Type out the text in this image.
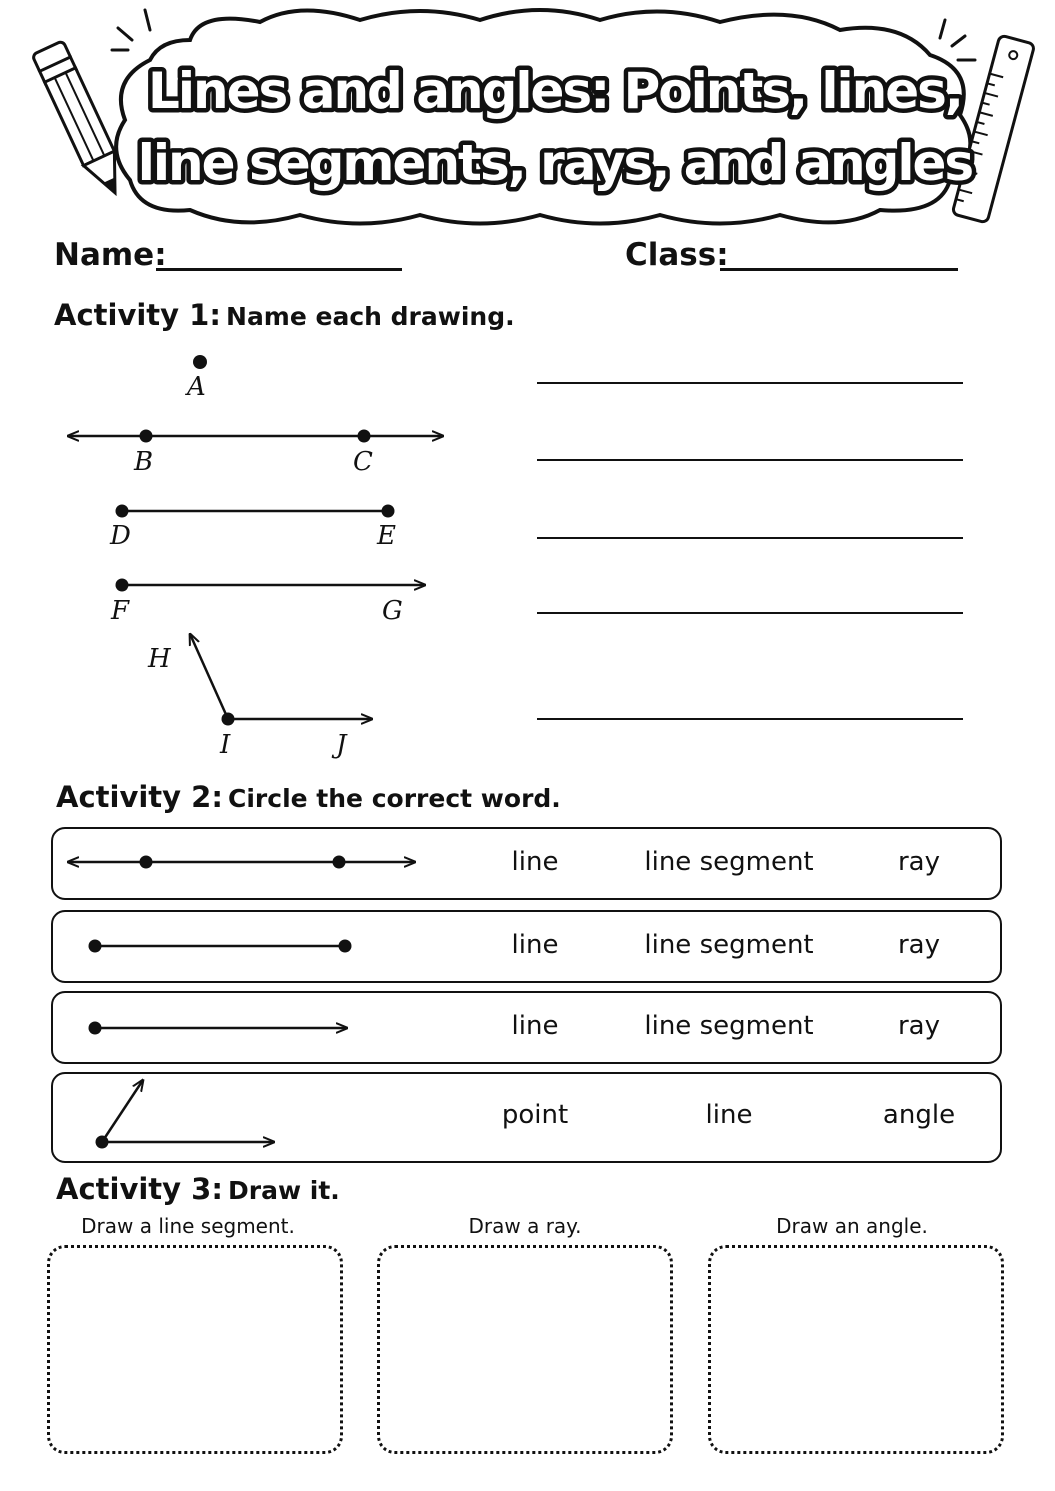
Lines and angles: Points, lines,
line segments, rays, and angles
Name:	Class:
Activity 1: Name each drawing.
A
B	C
D	E
F	G
H
I	J
Activity 2: Circle the correct word.
line	line segment	ray
line	line segment	ray
line	line segment	ray
point	line	angle
Activity 3: Draw it.
Draw a line segment.	Draw a ray.	Draw an angle.
